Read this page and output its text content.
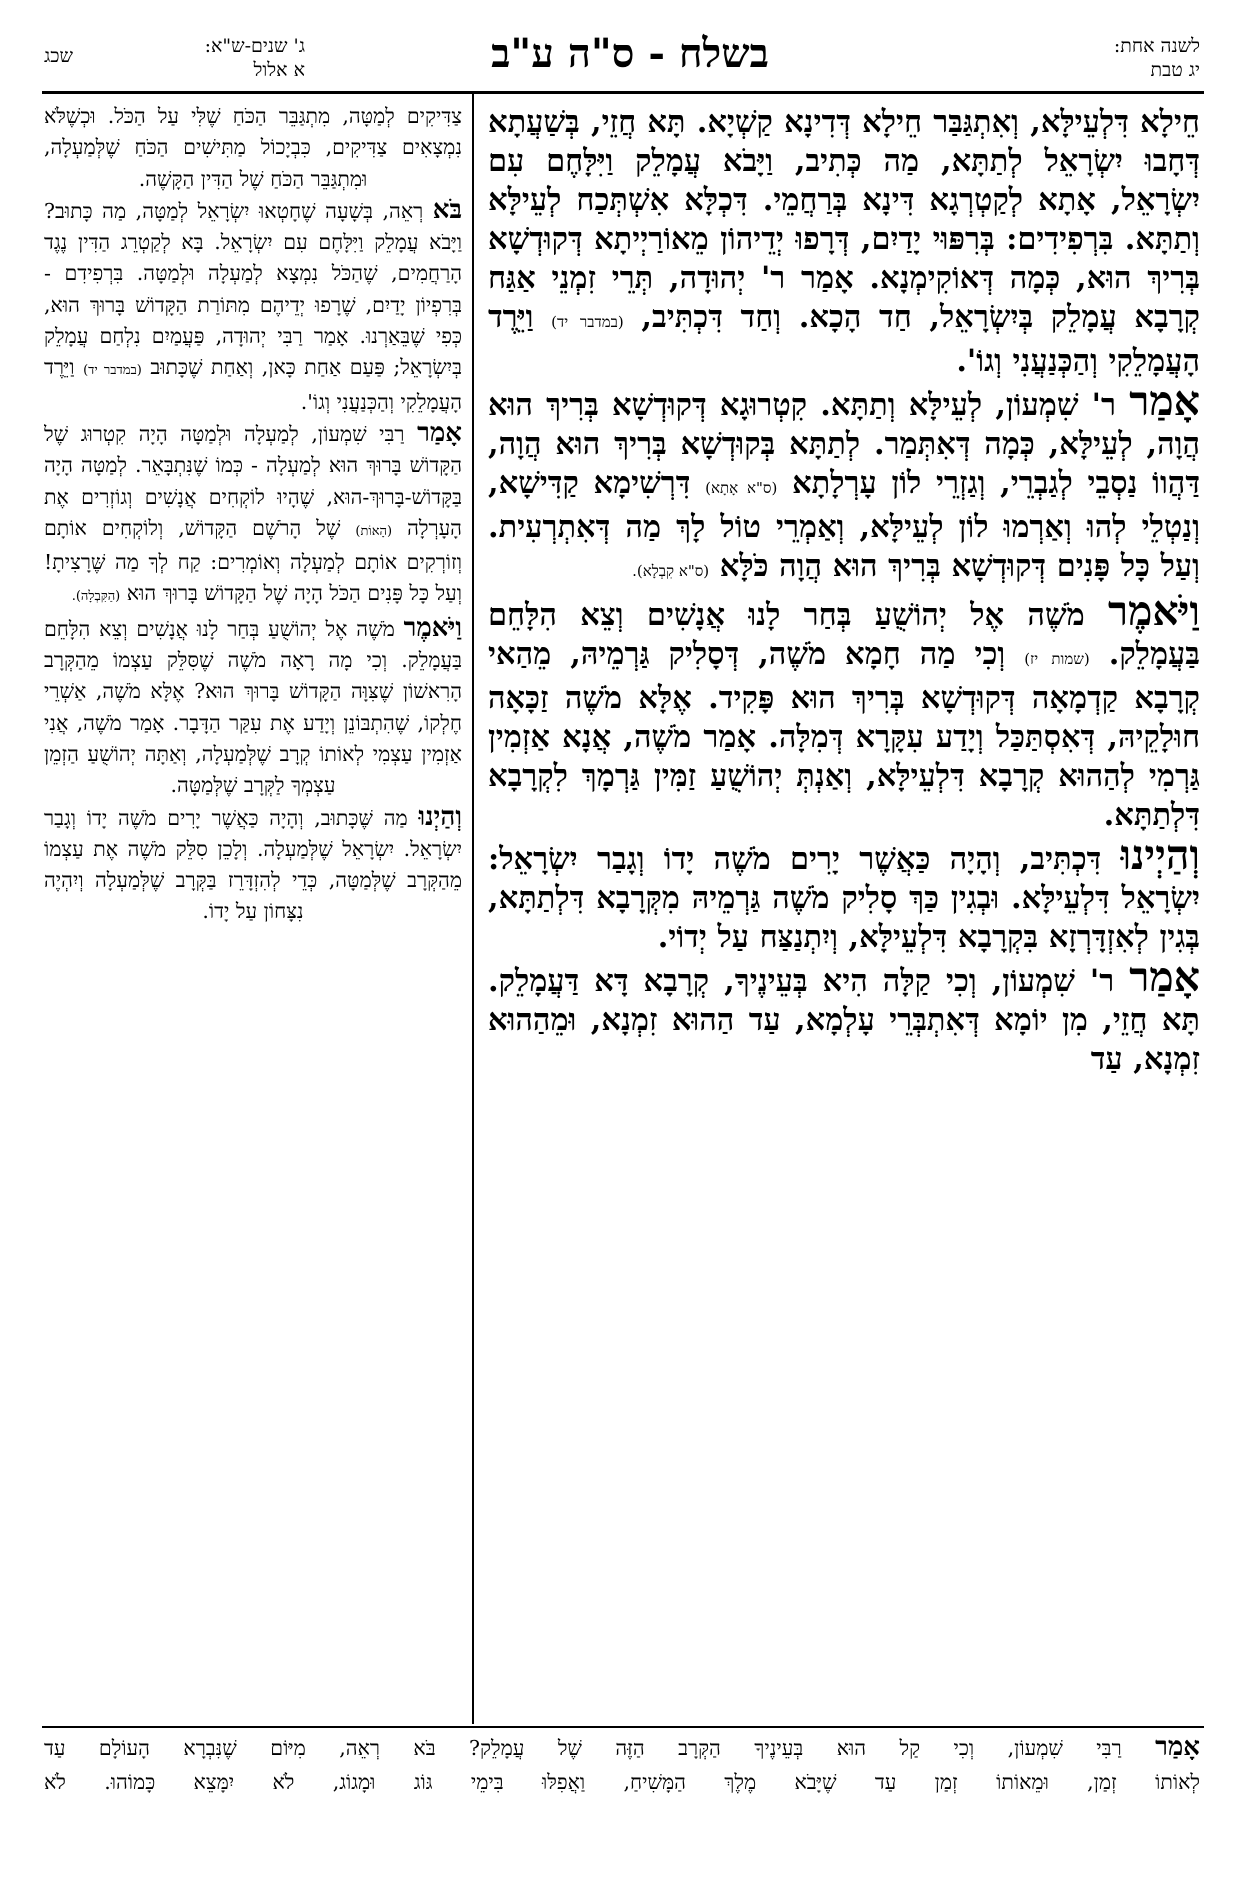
שכג	ג' שנים-ש"א:
א אלול	בשלח - ס"ה ע"ב	לשנה אחת:
יג טבת

חֵילָא דִּלְעֵילָּא, וְאִתְגַּבַּר חֵילָא דְּדִינָא קַשְׁיָא. תָּא חֲזֵי, בְּשַׁעֲתָא דְּחָבוּ יִשְׂרָאֵל לְתַתָּא, מַה כְּתִיב, וַיָּבֹא עֲמָלֵק וַיִּלָּחֶם עִם יִשְׂרָאֵל, אָתָא לְקַטְרְגָא דִּינָא בְּרַחֲמֵי. דִּכְלָּא אִשְׁתְּכַח לְעֵילָּא וְתַתָּא. בִּרְפִידִים: בְּרִפּוּי יָדַיִם, דְּרָפוּ יְדֵיהוֹן מֵאוֹרַיְיתָא דְּקוּדְשָׁא בְּרִיךְ הוּא, כְּמָה דְּאוֹקִימְנָא. אָמַר ר' יְהוּדָה, תְּרֵי זִמְנֵי אַגַּח קְרָבָא עֲמָלֵק בְּיִשְׂרָאֵל, חַד הָכָא. וְחַד דִּכְתִּיב, (במדבר יד) וַיֵּרֶד הָעֲמָלֵקִי וְהַכְּנַעֲנִי וְגוֹ'.

אָמַר ר' שִׁמְעוֹן, לְעֵילָּא וְתַתָּא. קִטְרוּגָא דְּקוּדְשָׁא בְּרִיךְ הוּא הֲוָה, לְעֵילָּא, כְּמָה דְּאִתְּמַר. לְתַתָּא בְּקוּדְשָׁא בְּרִיךְ הוּא הֲוָה, דַּהֲווֹ נַסְבֵי לְגַבְרֵי, וְגַזְרֵי לוֹן עָרְלָתָא (ס"א אָתָא) דִּרְשִׁימָא קַדִּישָׁא, וְנַטְלֵי לְהוּ וְאַרְמוּ לוֹן לְעֵילָּא, וְאַמְרֵי טוֹל לָךְ מַה דְּאִתְרְעִית. וְעַל כָּל פָּנִים דְּקוּדְשָׁא בְּרִיךְ הוּא הֲוָה כֹּלָּא (ס"א קִבְלָא).

וַיֹּאמֶר מֹשֶׁה אֶל יְהוֹשֻׁעַ בְּחַר לָנוּ אֲנָשִׁים וְצֵא הִלָּחֵם בַּעֲמָלֵק. (שמות יז) וְכִי מַה חָמָא מֹשֶׁה, דְּסָלִיק גַּרְמֵיהּ, מֵהַאי קְרָבָא קַדְמָאָה דְּקוּדְשָׁא בְּרִיךְ הוּא פָּקִיד. אֶלָּא מֹשֶׁה זַכָּאָה חוּלָקֵיהּ, דְּאִסְתַּכַּל וְיָדַע עִקָּרָא דְּמִלָּה. אָמַר מֹשֶׁה, אֲנָא אַזְמִין גַּרְמִי לְהַהוּא קְרָבָא דִּלְעֵילָּא, וְאַנְתְּ יְהוֹשֻׁעַ זַמִּין גַּרְמָךְ לִקְרָבָא דִּלְתַתָּא.

וְהַיְינוּ דִּכְתִּיב, וְהָיָה כַּאֲשֶׁר יָרִים מֹשֶׁה יָדוֹ וְגָבַר יִשְׂרָאֵל: יִשְׂרָאֵל דִּלְעֵילָּא. וּבְגִין כַּךְ סָלִיק מֹשֶׁה גַּרְמֵיהּ מִקְּרָבָא דִּלְתַתָּא, בְּגִין לְאִזְדָּרְזָא בִּקְרָבָא דִּלְעֵילָּא, וְיִתְנַצַּח עַל יְדוֹי.

אָמַר ר' שִׁמְעוֹן, וְכִי קַלָּה הִיא בְּעֵינֶיךָ, קְרָבָא דָּא דַּעֲמָלֵק. תָּא חֲזֵי, מִן יוֹמָא דְּאִתְבְּרֵי עָלְמָא, עַד הַהוּא זִמְנָא, וּמֵהַהוּא זִמְנָא, עַד

צַדִּיקִים לְמַטָּה, מִתְגַּבֵּר הַכֹּחַ שֶׁלִּי עַל הַכֹּל. וּכְשֶׁלֹּא נִמְצָאִים צַדִּיקִים, כִּבְיָכוֹל מַתִּישִׁים הַכֹּחַ שֶׁלְּמַעְלָה, וּמִתְגַּבֵּר הַכֹּחַ שֶׁל הַדִּין הַקָּשֶׁה.

בֹּא רְאֵה, בְּשָׁעָה שֶׁחָטְאוּ יִשְׂרָאֵל לְמַטָּה, מַה כָּתוּב? וַיָּבֹא עֲמָלֵק וַיִּלָּחֶם עִם יִשְׂרָאֵל. בָּא לְקַטְרֵג הַדִּין נֶגֶד הָרַחֲמִים, שֶׁהַכֹּל נִמְצָא לְמַעְלָה וּלְמַטָּה. בִּרְפִידִם - בְּרִפְיוֹן יָדַיִם, שֶׁרָפוּ יְדֵיהֶם מִתּוֹרַת הַקָּדוֹשׁ בָּרוּךְ הוּא, כְּפִי שֶׁבֵּאַרְנוּ. אָמַר רַבִּי יְהוּדָה, פַּעֲמַיִם נִלְחַם עֲמָלֵק בְּיִשְׂרָאֵל; פַּעַם אַחַת כָּאן, וְאַחַת שֶׁכָּתוּב (במדבר יד) וַיֵּרֶד הָעֲמָלֵקִי וְהַכְּנַעֲנִי וְגוֹ'.

אָמַר רַבִּי שִׁמְעוֹן, לְמַעְלָה וּלְמַטָּה הָיָה קִטְרוּג שֶׁל הַקָּדוֹשׁ בָּרוּךְ הוּא לְמַעְלָה - כְּמוֹ שֶׁנִּתְבָּאֵר. לְמַטָּה הָיָה בַּקָּדוֹשׁ-בָּרוּךְ-הוּא, שֶׁהָיוּ לוֹקְחִים אֲנָשִׁים וְגוֹזְרִים אֶת הָעָרְלָה (הָאוֹת) שֶׁל הָרֹשֶׁם הַקָּדוֹשׁ, וְלוֹקְחִים אוֹתָם וְזוֹרְקִים אוֹתָם לְמַעְלָה וְאוֹמְרִים: קַח לְךָ מַה שֶּׁרָצִיתָ! וְעַל כָּל פָּנִים הַכֹּל הָיָה שֶׁל הַקָּדוֹשׁ בָּרוּךְ הוּא (הַקִּבְלָה).

וַיֹּאמֶר מֹשֶׁה אֶל יְהוֹשֻׁעַ בְּחַר לָנוּ אֲנָשִׁים וְצֵא הִלָּחֵם בַּעֲמָלֵק. וְכִי מָה רָאָה מֹשֶׁה שֶׁסִּלֵּק עַצְמוֹ מֵהַקְּרָב הָרִאשׁוֹן שֶׁצִּוָּה הַקָּדוֹשׁ בָּרוּךְ הוּא? אֶלָּא מֹשֶׁה, אַשְׁרֵי חֶלְקוֹ, שֶׁהִתְבּוֹנֵן וְיָדַע אֶת עִקַּר הַדָּבָר. אָמַר מֹשֶׁה, אֲנִי אַזְמִין עַצְמִי לְאוֹתוֹ קְרָב שֶׁלְּמַעְלָה, וְאַתָּה יְהוֹשֻׁעַ הַזְמֵן עַצְמְךָ לַקְּרָב שֶׁלְּמַטָּה.

וְהַיְנוּ מַה שֶּׁכָּתוּב, וְהָיָה כַּאֲשֶׁר יָרִים מֹשֶׁה יָדוֹ וְגָבַר יִשְׂרָאֵל. יִשְׂרָאֵל שֶׁלְּמַעְלָה. וְלָכֵן סִלֵּק מֹשֶׁה אֶת עַצְמוֹ מֵהַקְּרָב שֶׁלְּמַטָּה, כְּדֵי לְהִזְדָּרֵז בַּקְּרָב שֶׁלְּמַעְלָה וְיִהְיֶה נִצָּחוֹן עַל יָדוֹ.

אָמַר רַבִּי שִׁמְעוֹן, וְכִי קַל הוּא בְּעֵינֶיךָ הַקְּרָב הַזֶּה שֶׁל עֲמָלֵק? בֹּא רְאֵה, מִיּוֹם שֶׁנִּבְרָא הָעוֹלָם עַד
לְאוֹתוֹ זְמַן, וּמֵאוֹתוֹ זְמַן עַד שֶׁיָּבֹא מֶלֶךְ הַמָּשִׁיחַ, וַאֲפִלּוּ בִּימֵי גּוֹג וּמָגוֹג, לֹא יִמָּצֵא כָּמוֹהוּ. לֹא
